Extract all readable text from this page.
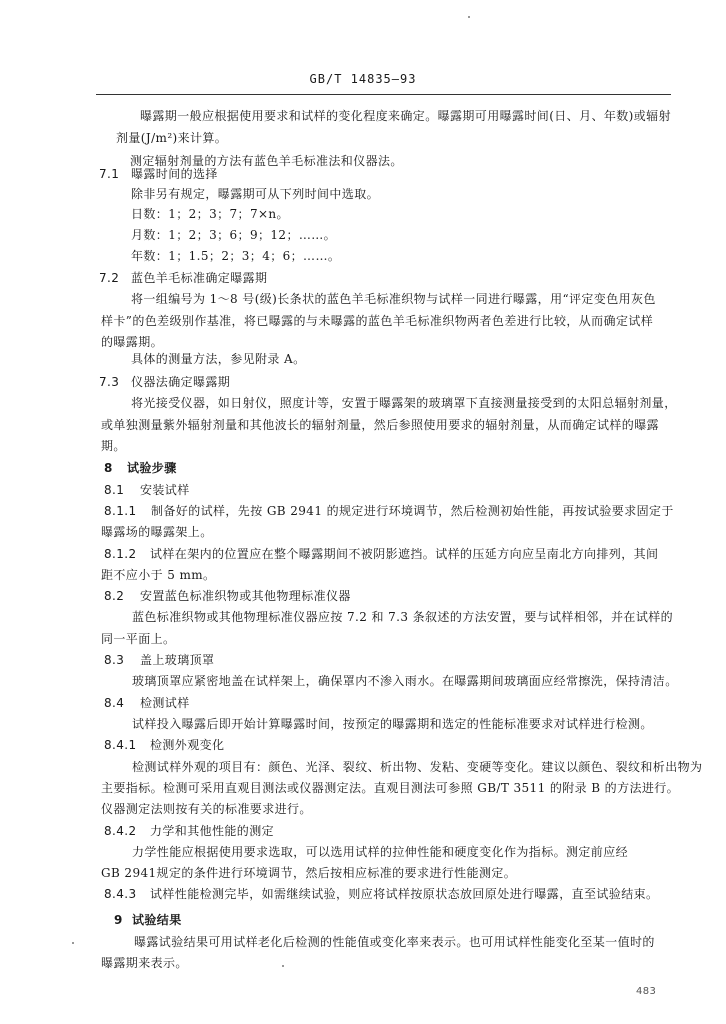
GB/T 14835—93
曝露期一般应根据使用要求和试样的变化程度来确定。曝露期可用曝露时间(日、月、年数)或辐射
剂量(J/m²)来计算。
测定辐射剂量的方法有蓝色羊毛标准法和仪器法。
7.1 曝露时间的选择
除非另有规定，曝露期可从下列时间中选取。
日数：1；2；3；7；7×n。
月数：1；2；3；6；9；12；……。
年数：1；1.5；2；3；4；6；……。
7.2 蓝色羊毛标准确定曝露期
将一组编号为 1～8 号(级)长条状的蓝色羊毛标准织物与试样一同进行曝露，用“评定变色用灰色
样卡”的色差级别作基准，将已曝露的与未曝露的蓝色羊毛标准织物两者色差进行比较，从而确定试样
的曝露期。
具体的测量方法，参见附录 A。
7.3 仪器法确定曝露期
将光接受仪器，如日射仪，照度计等，安置于曝露架的玻璃罩下直接测量接受到的太阳总辐射剂量，
或单独测量紫外辐射剂量和其他波长的辐射剂量，然后参照使用要求的辐射剂量，从而确定试样的曝露
期。
8 试验步骤
8.1 安装试样
8.1.1 制备好的试样，先按 GB 2941 的规定进行环境调节，然后检测初始性能，再按试验要求固定于
曝露场的曝露架上。
8.1.2 试样在架内的位置应在整个曝露期间不被阴影遮挡。试样的压延方向应呈南北方向排列，其间
距不应小于 5 mm。
8.2 安置蓝色标准织物或其他物理标准仪器
蓝色标准织物或其他物理标准仪器应按 7.2 和 7.3 条叙述的方法安置，要与试样相邻，并在试样的
同一平面上。
8.3 盖上玻璃顶罩
玻璃顶罩应紧密地盖在试样架上，确保罩内不渗入雨水。在曝露期间玻璃面应经常擦洗，保持清洁。
8.4 检测试样
试样投入曝露后即开始计算曝露时间，按预定的曝露期和选定的性能标准要求对试样进行检测。
8.4.1 检测外观变化
检测试样外观的项目有：颜色、光泽、裂纹、析出物、发粘、变硬等变化。建议以颜色、裂纹和析出物为
主要指标。检测可采用直观目测法或仪器测定法。直观目测法可参照 GB/T 3511 的附录 B 的方法进行。
仪器测定法则按有关的标准要求进行。
8.4.2 力学和其他性能的测定
力学性能应根据使用要求选取，可以选用试样的拉伸性能和硬度变化作为指标。测定前应经
GB 2941规定的条件进行环境调节，然后按相应标准的要求进行性能测定。
8.4.3 试样性能检测完毕，如需继续试验，则应将试样按原状态放回原处进行曝露，直至试验结束。
9 试验结果
曝露试验结果可用试样老化后检测的性能值或变化率来表示。也可用试样性能变化至某一值时的
曝露期来表示。
483
